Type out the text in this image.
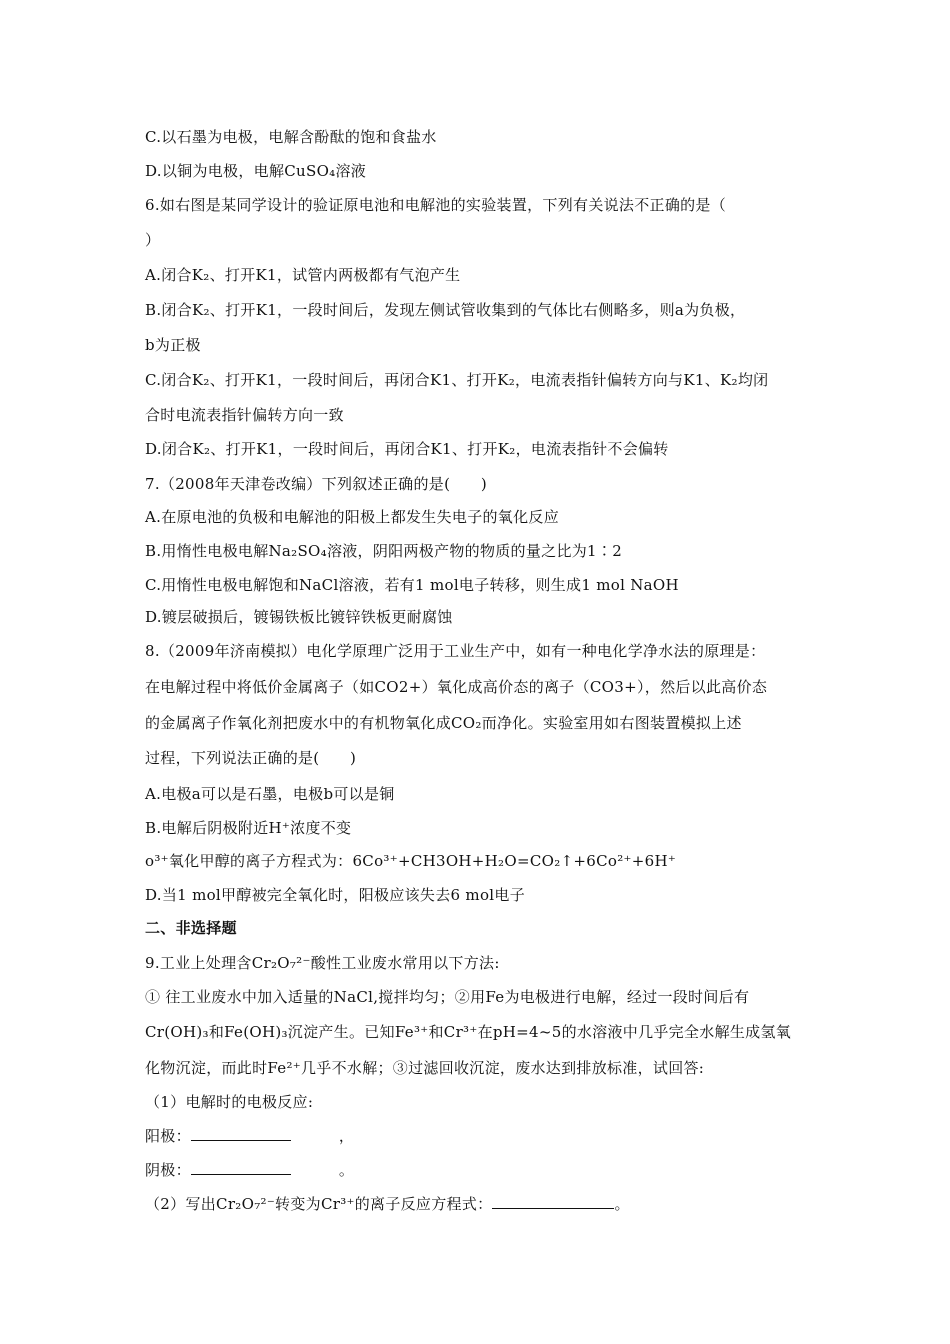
C.以石墨为电极，电解含酚酞的饱和食盐水
D.以铜为电极，电解CuSO₄溶液
6.如右图是某同学设计的验证原电池和电解池的实验装置，下列有关说法不正确的是（
）
A.闭合K₂、打开K1，试管内两极都有气泡产生
B.闭合K₂、打开K1，一段时间后，发现左侧试管收集到的气体比右侧略多，则a为负极，
b为正极
C.闭合K₂、打开K1，一段时间后，再闭合K1、打开K₂，电流表指针偏转方向与K1、K₂均闭
合时电流表指针偏转方向一致
D.闭合K₂、打开K1，一段时间后，再闭合K1、打开K₂，电流表指针不会偏转
7.（2008年天津卷改编）下列叙述正确的是(　　)
A.在原电池的负极和电解池的阳极上都发生失电子的氧化反应
B.用惰性电极电解Na₂SO₄溶液，阴阳两极产物的物质的量之比为1∶2
C.用惰性电极电解饱和NaCl溶液，若有1 mol电子转移，则生成1 mol NaOH
D.镀层破损后，镀锡铁板比镀锌铁板更耐腐蚀
8.（2009年济南模拟）电化学原理广泛用于工业生产中，如有一种电化学净水法的原理是：
在电解过程中将低价金属离子（如CO2+）氧化成高价态的离子（CO3+），然后以此高价态
的金属离子作氧化剂把废水中的有机物氧化成CO₂而净化。实验室用如右图装置模拟上述
过程，下列说法正确的是(　　)
A.电极a可以是石墨，电极b可以是铜
B.电解后阴极附近H⁺浓度不变
o³⁺氧化甲醇的离子方程式为：6Co³⁺+CH3OH+H₂O=CO₂↑+6Co²⁺+6H⁺
D.当1 mol甲醇被完全氧化时，阳极应该失去6 mol电子
二、非选择题
9.工业上处理含Cr₂O₇²⁻酸性工业废水常用以下方法:
① 往工业废水中加入适量的NaCl,搅拌均匀；②用Fe为电极进行电解，经过一段时间后有
Cr(OH)₃和Fe(OH)₃沉淀产生。已知Fe³⁺和Cr³⁺在pH=4~5的水溶液中几乎完全水解生成氢氧
化物沉淀，而此时Fe²⁺几乎不水解；③过滤回收沉淀，废水达到排放标准，试回答:
（1）电解时的电极反应:
阳极：	，
阴极：	。
（2）写出Cr₂O₇²⁻转变为Cr³⁺的离子反应方程式：	。
